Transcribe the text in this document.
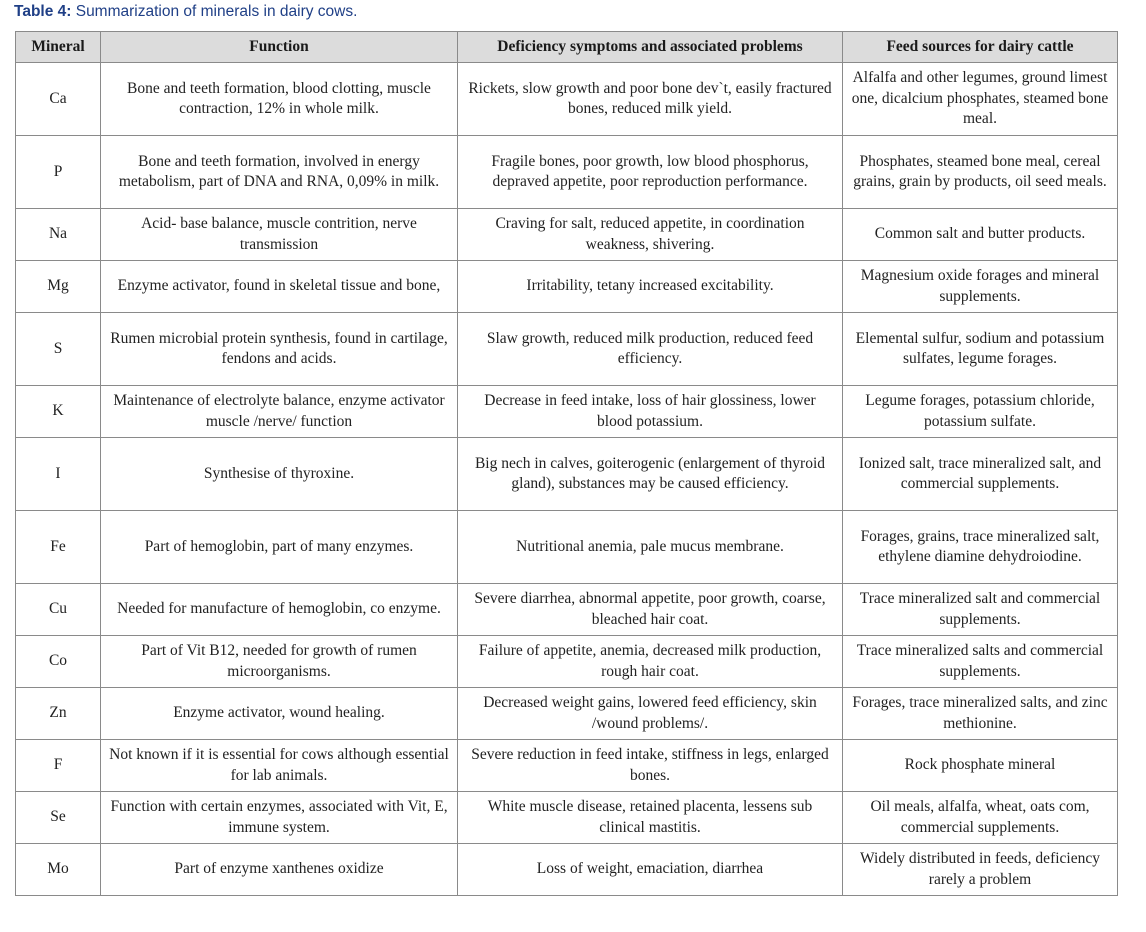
Table 4: Summarization of minerals in dairy cows.
Mineral	Function	Deficiency symptoms and associated problems	Feed sources for dairy cattle
Ca	Bone and teeth formation, blood clotting, muscle contraction, 12% in whole milk.	Rickets, slow growth and poor bone dev`t, easily fractured bones, reduced milk yield.	Alfalfa and other legumes, ground limest one, dicalcium phosphates, steamed bone meal.
P	Bone and teeth formation, involved in energy metabolism, part of DNA and RNA, 0,09% in milk.	Fragile bones, poor growth, low blood phosphorus, depraved appetite, poor reproduction performance.	Phosphates, steamed bone meal, cereal grains, grain by products, oil seed meals.
Na	Acid- base balance, muscle contrition, nerve transmission	Craving for salt, reduced appetite, in coordination weakness, shivering.	Common salt and butter products.
Mg	Enzyme activator, found in skeletal tissue and bone,	Irritability, tetany increased excitability.	Magnesium oxide forages and mineral supplements.
S	Rumen microbial protein synthesis, found in cartilage, fendons and acids.	Slaw growth, reduced milk production, reduced feed efficiency.	Elemental sulfur, sodium and potassium sulfates, legume forages.
K	Maintenance of electrolyte balance, enzyme activator muscle /nerve/ function	Decrease in feed intake, loss of hair glossiness, lower blood potassium.	Legume forages, potassium chloride, potassium sulfate.
I	Synthesise of thyroxine.	Big nech in calves, goiterogenic (enlargement of thyroid gland), substances may be caused efficiency.	Ionized salt, trace mineralized salt, and commercial supplements.
Fe	Part of hemoglobin, part of many enzymes.	Nutritional anemia, pale mucus membrane.	Forages, grains, trace mineralized salt, ethylene diamine dehydroiodine.
Cu	Needed for manufacture of hemoglobin, co enzyme.	Severe diarrhea, abnormal appetite, poor growth, coarse, bleached hair coat.	Trace mineralized salt and commercial supplements.
Co	Part of Vit B12, needed for growth of rumen microorganisms.	Failure of appetite, anemia, decreased milk production, rough hair coat.	Trace mineralized salts and commercial supplements.
Zn	Enzyme activator, wound healing.	Decreased weight gains, lowered feed efficiency, skin /wound problems/.	Forages, trace mineralized salts, and zinc methionine.
F	Not known if it is essential for cows although essential for lab animals.	Severe reduction in feed intake, stiffness in legs, enlarged bones.	Rock phosphate mineral
Se	Function with certain enzymes, associated with Vit, E, immune system.	White muscle disease, retained placenta, lessens sub clinical mastitis.	Oil meals, alfalfa, wheat, oats com, commercial supplements.
Mo	Part of enzyme xanthenes oxidize	Loss of weight, emaciation, diarrhea	Widely distributed in feeds, deficiency rarely a problem
